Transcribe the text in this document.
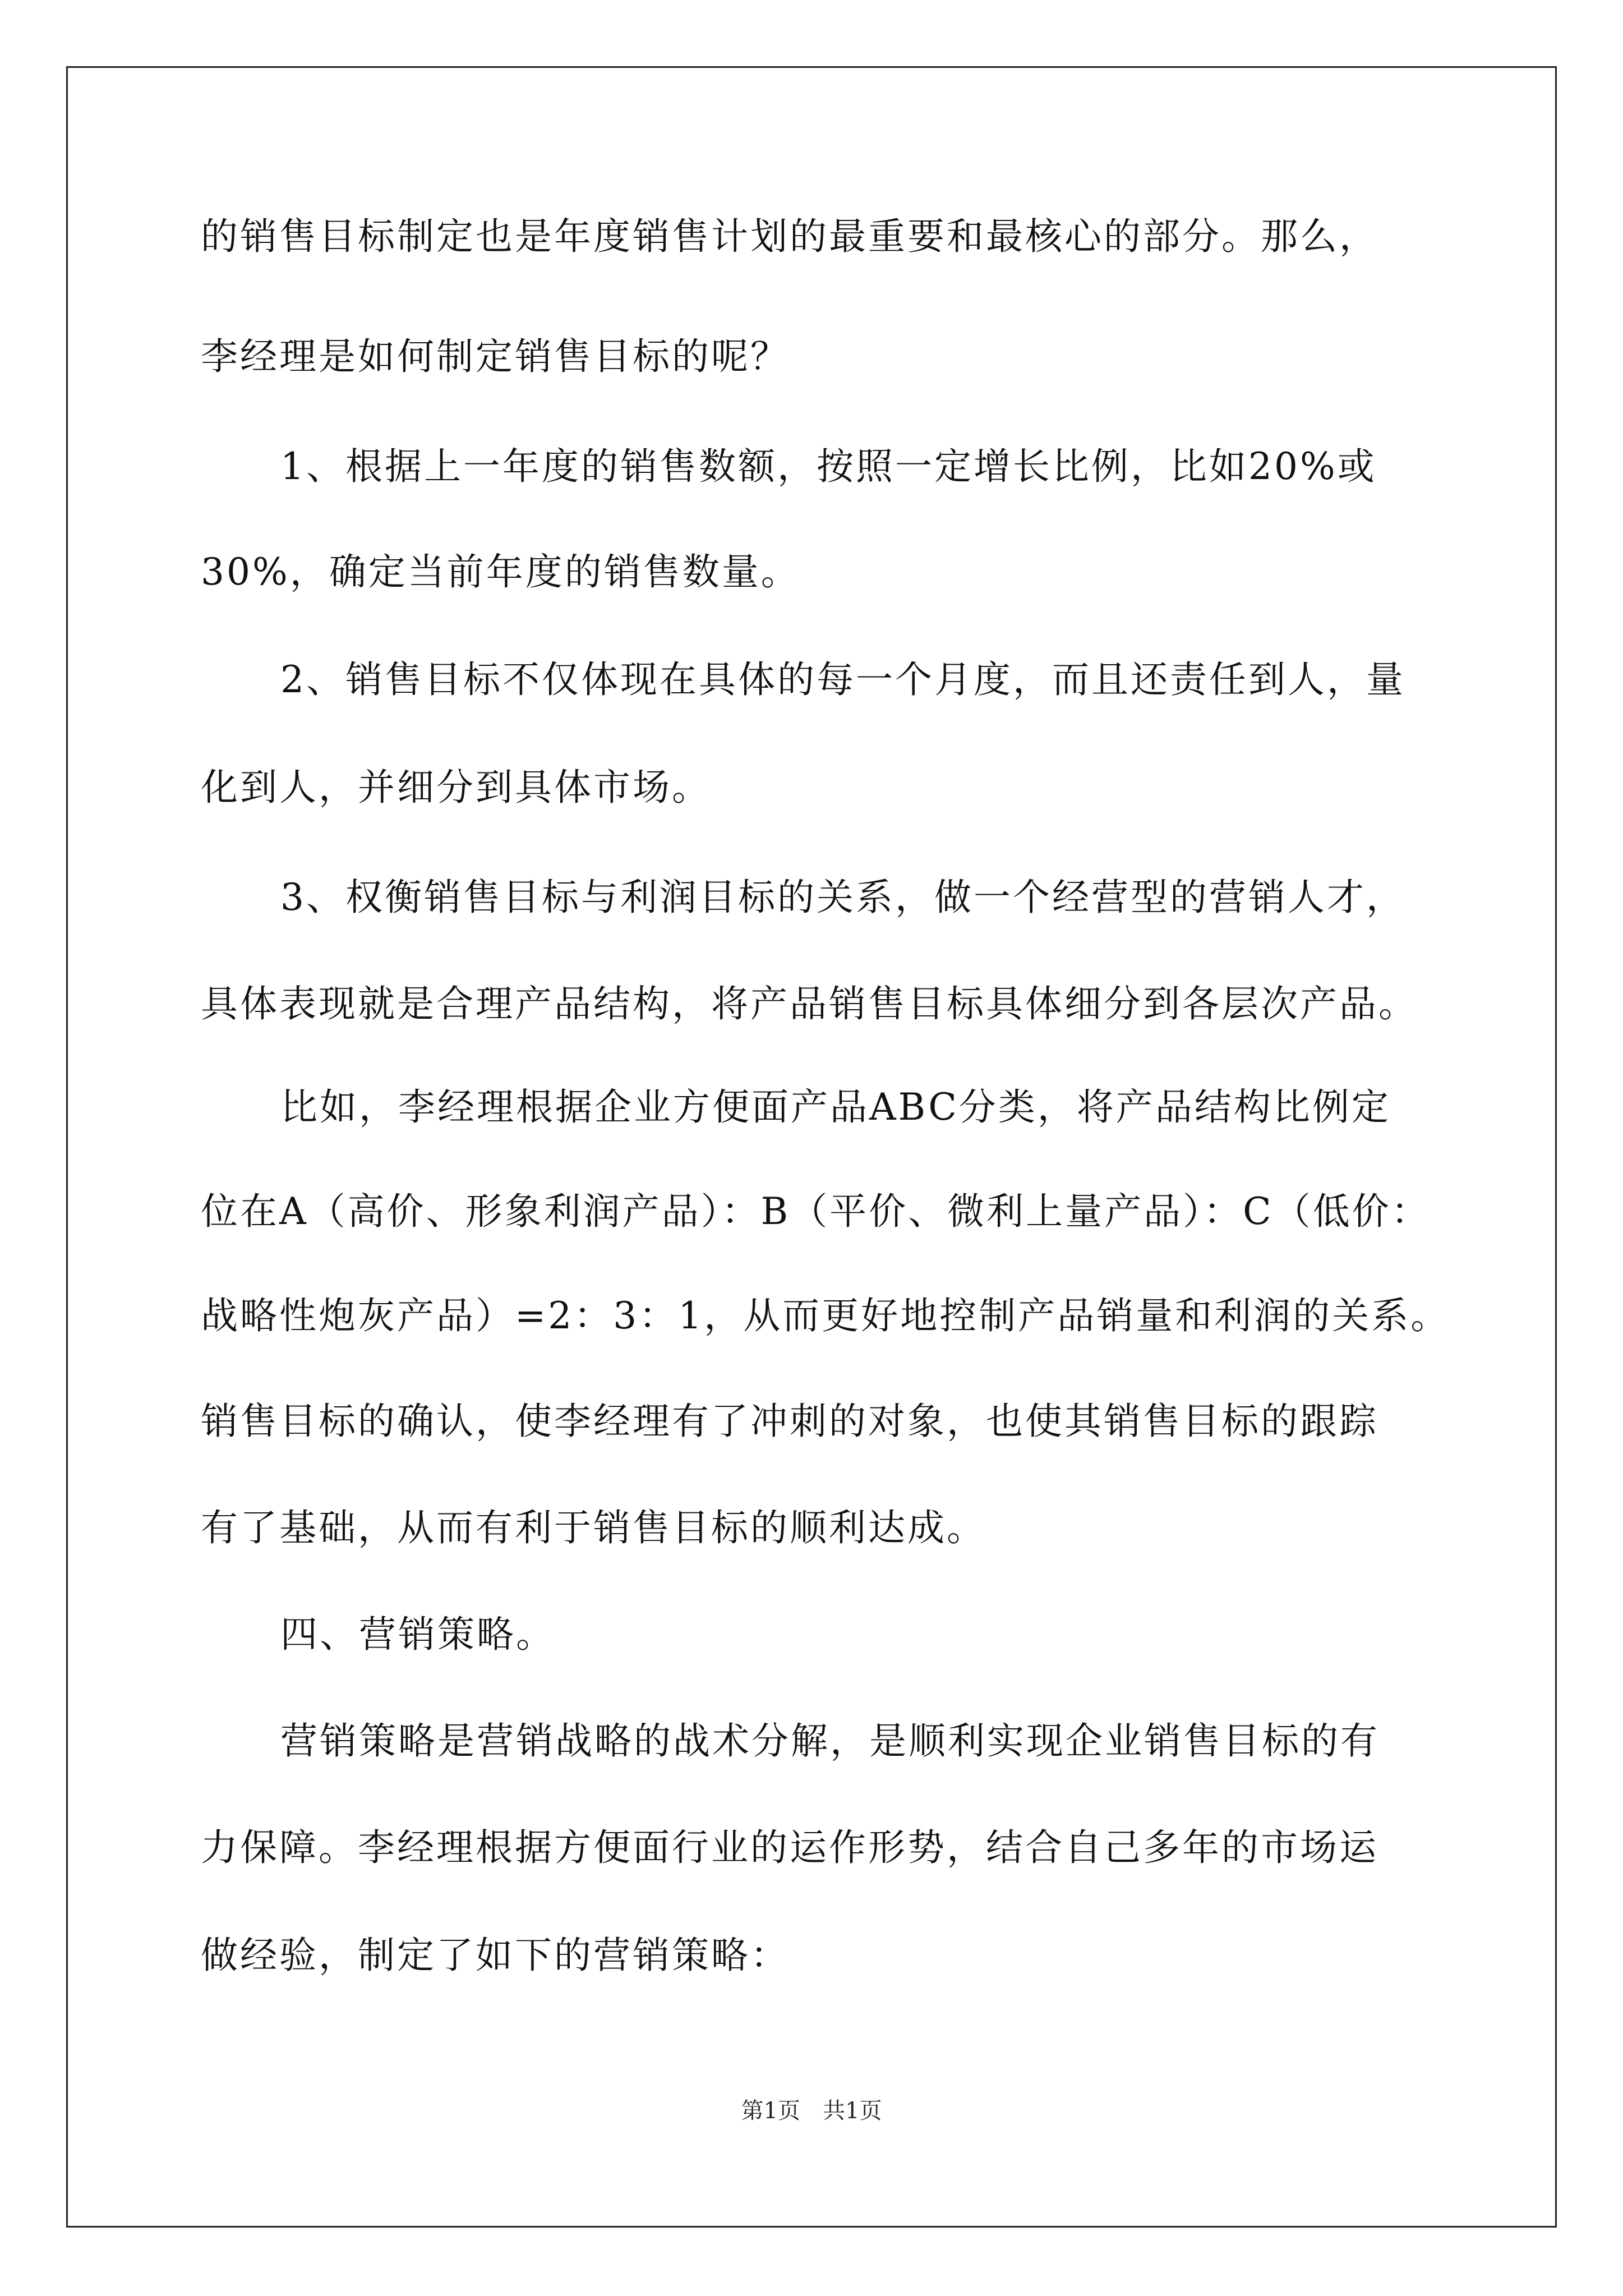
的销售目标制定也是年度销售计划的最重要和最核心的部分。那么，
李经理是如何制定销售目标的呢？
1、根据上一年度的销售数额，按照一定增长比例，比如20%或
30%，确定当前年度的销售数量。
2、销售目标不仅体现在具体的每一个月度，而且还责任到人，量
化到人，并细分到具体市场。
3、权衡销售目标与利润目标的关系，做一个经营型的营销人才，
具体表现就是合理产品结构，将产品销售目标具体细分到各层次产品。
比如，李经理根据企业方便面产品ABC分类，将产品结构比例定
位在A（高价、形象利润产品）：B（平价、微利上量产品）：C（低价：
战略性炮灰产品）=2：3：1，从而更好地控制产品销量和利润的关系。
销售目标的确认，使李经理有了冲刺的对象，也使其销售目标的跟踪
有了基础，从而有利于销售目标的顺利达成。
四、营销策略。
营销策略是营销战略的战术分解，是顺利实现企业销售目标的有
力保障。李经理根据方便面行业的运作形势，结合自己多年的市场运
做经验，制定了如下的营销策略：
第1页　共1页
